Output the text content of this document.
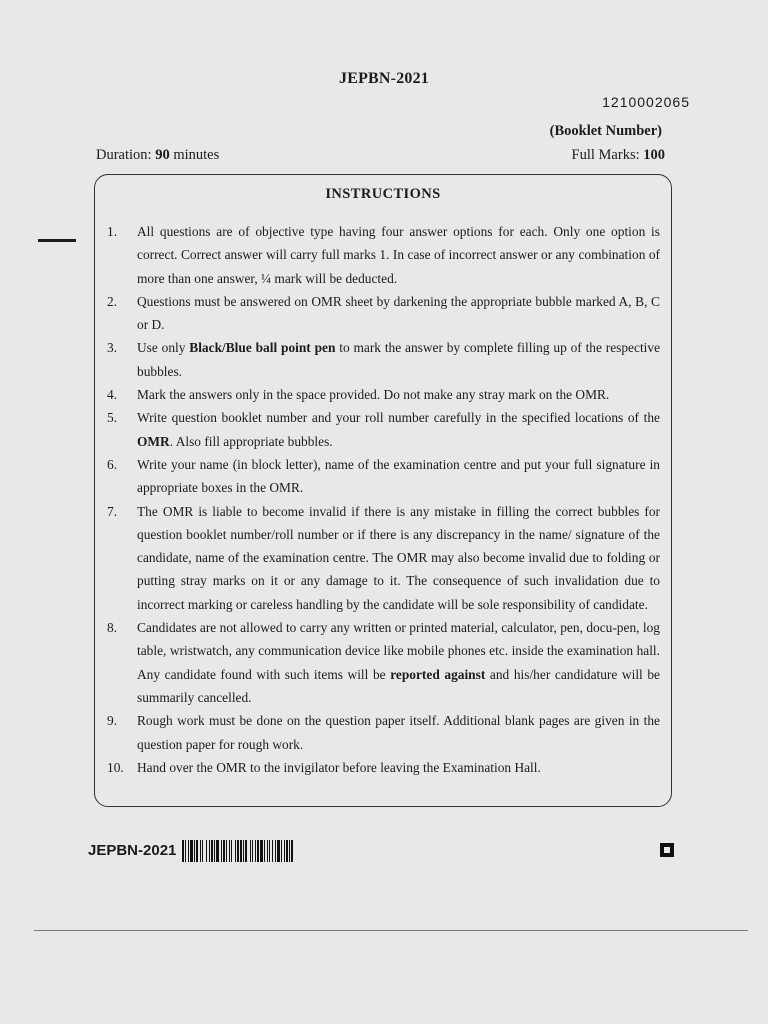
JEPBN-2021
1210002065
(Booklet Number)
Duration: 90 minutes	Full Marks: 100
INSTRUCTIONS
1.	All questions are of objective type having four answer options for each. Only one option is correct. Correct answer will carry full marks 1. In case of incorrect answer or any combination of more than one answer, ¼ mark will be deducted.
2.	Questions must be answered on OMR sheet by darkening the appropriate bubble marked A, B, C or D.
3.	Use only Black/Blue ball point pen to mark the answer by complete filling up of the respective bubbles.
4.	Mark the answers only in the space provided. Do not make any stray mark on the OMR.
5.	Write question booklet number and your roll number carefully in the specified locations of the OMR. Also fill appropriate bubbles.
6.	Write your name (in block letter), name of the examination centre and put your full signature in appropriate boxes in the OMR.
7.	The OMR is liable to become invalid if there is any mistake in filling the correct bubbles for question booklet number/roll number or if there is any discrepancy in the name/ signature of the candidate, name of the examination centre. The OMR may also become invalid due to folding or putting stray marks on it or any damage to it. The consequence of such invalidation due to incorrect marking or careless handling by the candidate will be sole responsibility of candidate.
8.	Candidates are not allowed to carry any written or printed material, calculator, pen, docu-pen, log table, wristwatch, any communication device like mobile phones etc. inside the examination hall. Any candidate found with such items will be reported against and his/her candidature will be summarily cancelled.
9.	Rough work must be done on the question paper itself. Additional blank pages are given in the question paper for rough work.
10. Hand over the OMR to the invigilator before leaving the Examination Hall.
JEPBN-2021
